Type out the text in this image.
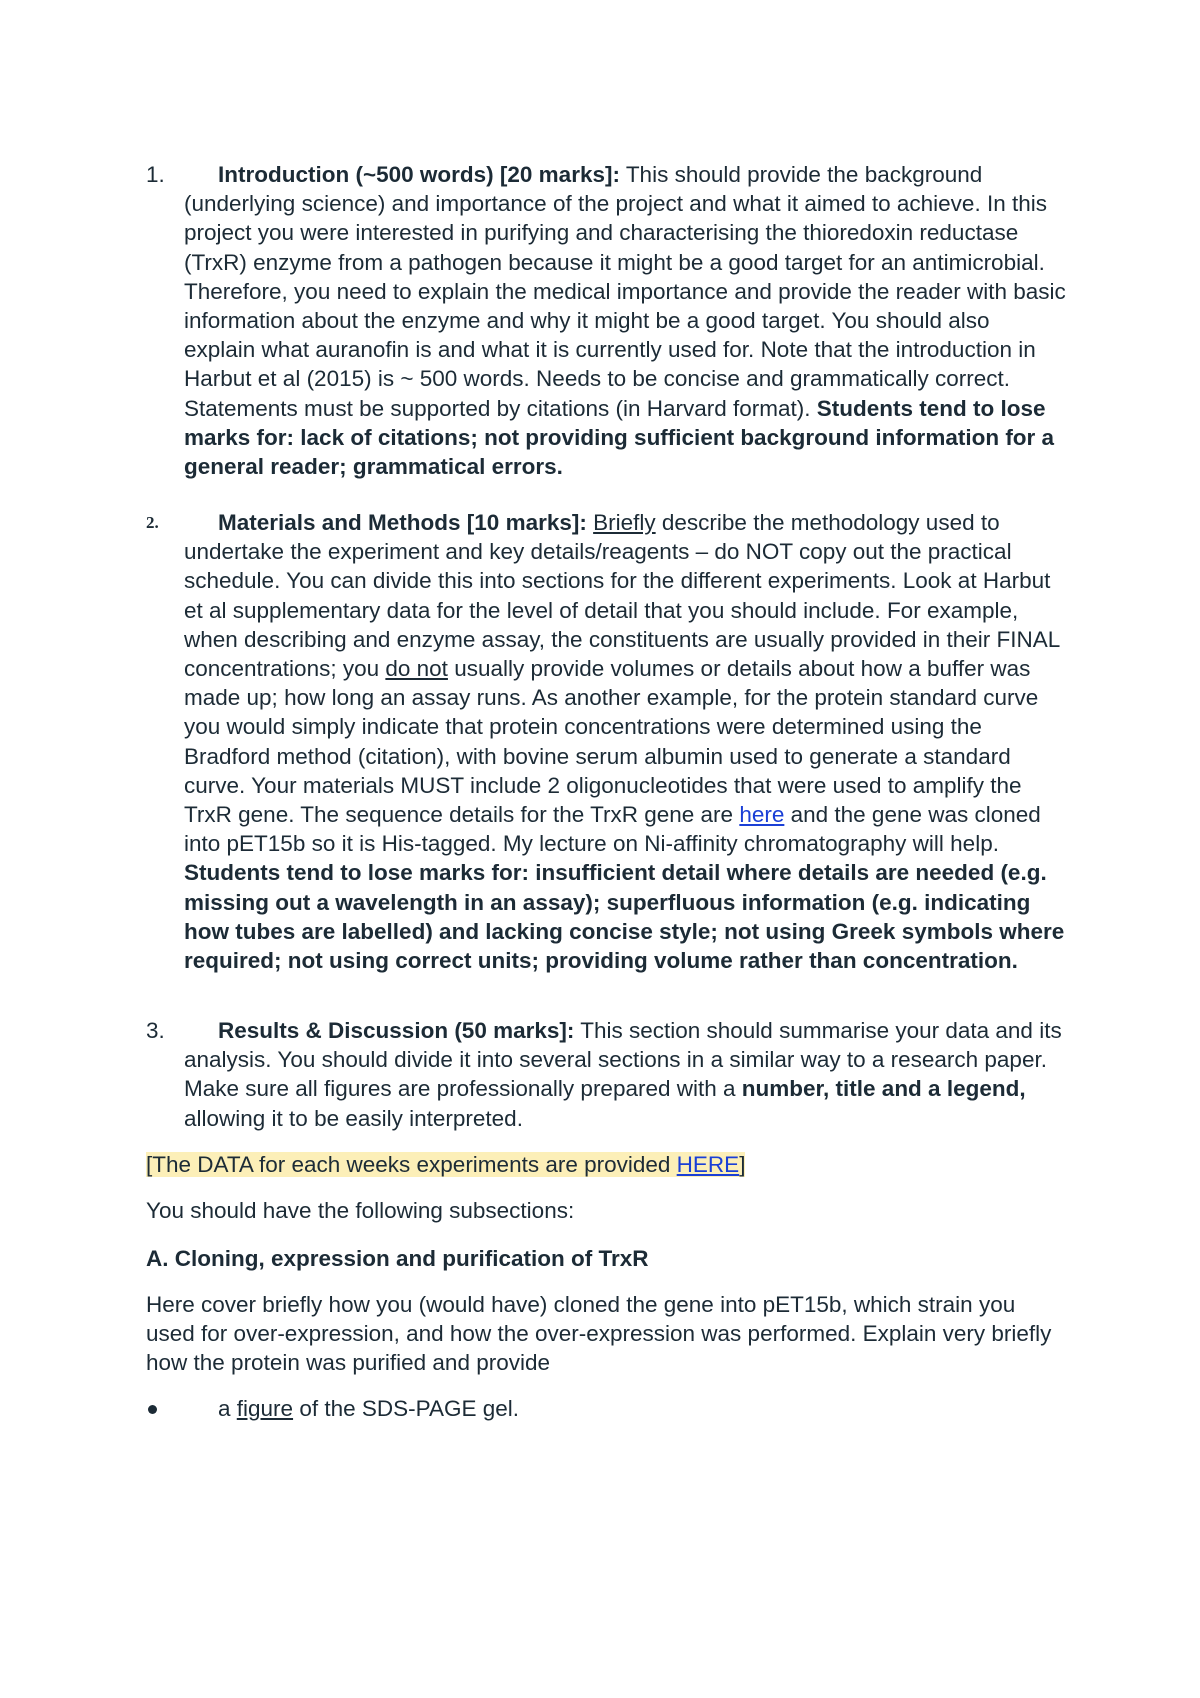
1.	Introduction (~500 words) [20 marks]: This should provide the background (underlying science) and importance of the project and what it aimed to achieve. In this project you were interested in purifying and characterising the thioredoxin reductase (TrxR) enzyme from a pathogen because it might be a good target for an antimicrobial. Therefore, you need to explain the medical importance and provide the reader with basic information about the enzyme and why it might be a good target. You should also explain what auranofin is and what it is currently used for. Note that the introduction in Harbut et al (2015) is ~ 500 words. Needs to be concise and grammatically correct. Statements must be supported by citations (in Harvard format). Students tend to lose marks for: lack of citations; not providing sufficient background information for a general reader; grammatical errors.
2.	Materials and Methods [10 marks]: Briefly describe the methodology used to undertake the experiment and key details/reagents – do NOT copy out the practical schedule. You can divide this into sections for the different experiments. Look at Harbut et al supplementary data for the level of detail that you should include. For example, when describing and enzyme assay, the constituents are usually provided in their FINAL concentrations; you do not usually provide volumes or details about how a buffer was made up; how long an assay runs. As another example, for the protein standard curve you would simply indicate that protein concentrations were determined using the Bradford method (citation), with bovine serum albumin used to generate a standard curve. Your materials MUST include 2 oligonucleotides that were used to amplify the TrxR gene. The sequence details for the TrxR gene are here and the gene was cloned into pET15b so it is His-tagged. My lecture on Ni-affinity chromatography will help. Students tend to lose marks for: insufficient detail where details are needed (e.g. missing out a wavelength in an assay); superfluous information (e.g. indicating how tubes are labelled) and lacking concise style; not using Greek symbols where required; not using correct units; providing volume rather than concentration.
3.	Results & Discussion (50 marks]: This section should summarise your data and its analysis. You should divide it into several sections in a similar way to a research paper. Make sure all figures are professionally prepared with a number, title and a legend, allowing it to be easily interpreted.
[The DATA for each weeks experiments are provided HERE]
You should have the following subsections:
A. Cloning, expression and purification of TrxR
Here cover briefly how you (would have) cloned the gene into pET15b, which strain you used for over-expression, and how the over-expression was performed. Explain very briefly how the protein was purified and provide
a figure of the SDS-PAGE gel.
